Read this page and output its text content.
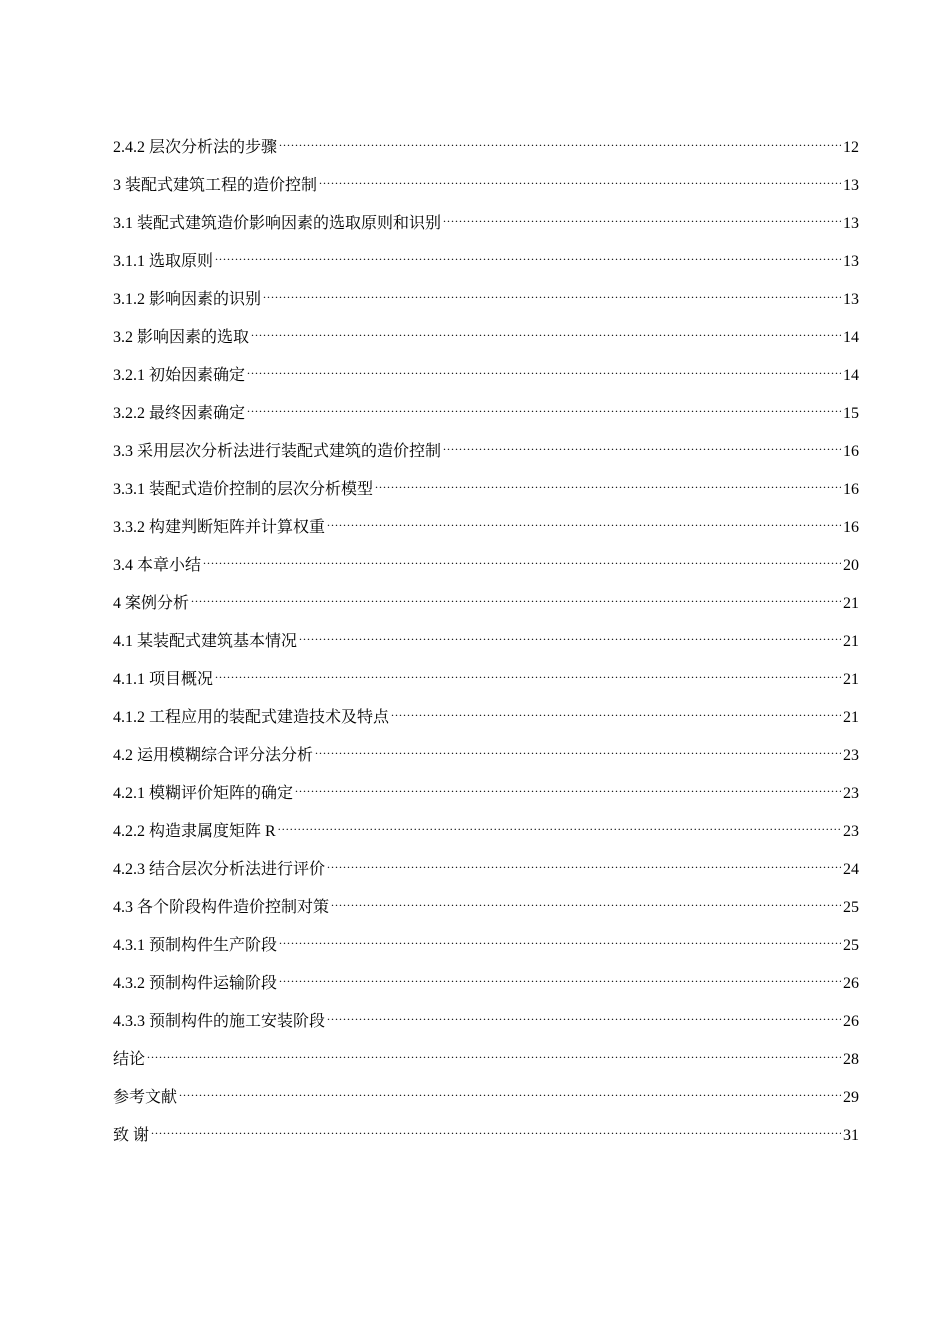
2.4.2 层次分析法的步骤 .....	12
3 装配式建筑工程的造价控制 .....	13
3.1 装配式建筑造价影响因素的选取原则和识别 .....	13
3.1.1 选取原则 .....	13
3.1.2 影响因素的识别 .....	13
3.2 影响因素的选取 .....	14
3.2.1 初始因素确定 .....	14
3.2.2 最终因素确定 .....	15
3.3 采用层次分析法进行装配式建筑的造价控制 .....	16
3.3.1 装配式造价控制的层次分析模型 .....	16
3.3.2 构建判断矩阵并计算权重 .....	16
3.4 本章小结 .....	20
4 案例分析 .....	21
4.1 某装配式建筑基本情况 .....	21
4.1.1 项目概况 .....	21
4.1.2 工程应用的装配式建造技术及特点 .....	21
4.2 运用模糊综合评分法分析 .....	23
4.2.1 模糊评价矩阵的确定 .....	23
4.2.2 构造隶属度矩阵 R .....	23
4.2.3 结合层次分析法进行评价 .....	24
4.3 各个阶段构件造价控制对策 .....	25
4.3.1 预制构件生产阶段 .....	25
4.3.2 预制构件运输阶段 .....	26
4.3.3 预制构件的施工安装阶段 .....	26
结论 .....	28
参考文献 .....	29
致 谢 .....	31
